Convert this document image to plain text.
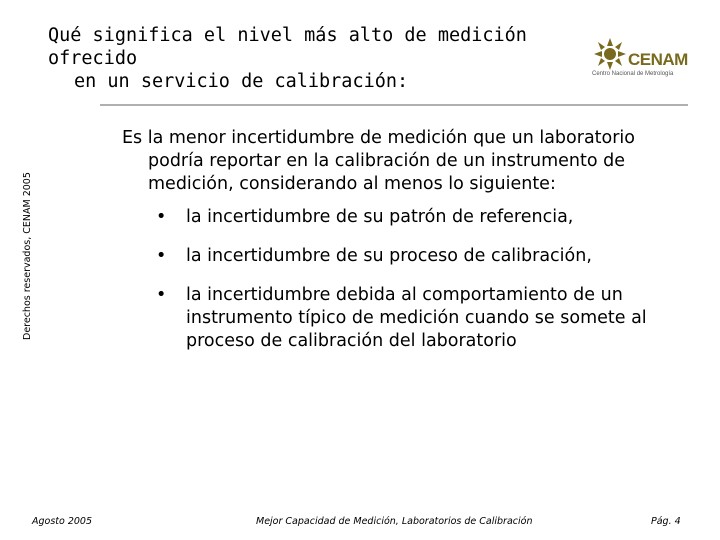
Qué significa el nivel más alto de medición ofrecido
en un servicio de calibración:
CENAM
Centro Nacional de Metrología
Derechos reservados, CENAM 2005
Es la menor incertidumbre de medición que un laboratorio
podría reportar en la calibración de un instrumento de medición, considerando al menos lo siguiente:
• la incertidumbre de su patrón de referencia,
• la incertidumbre de su proceso de calibración,
• la incertidumbre debida al comportamiento de un instrumento típico de medición cuando se somete al proceso de calibración del laboratorio
Agosto 2005	Mejor Capacidad de Medición, Laboratorios de Calibración	Pág. 4
